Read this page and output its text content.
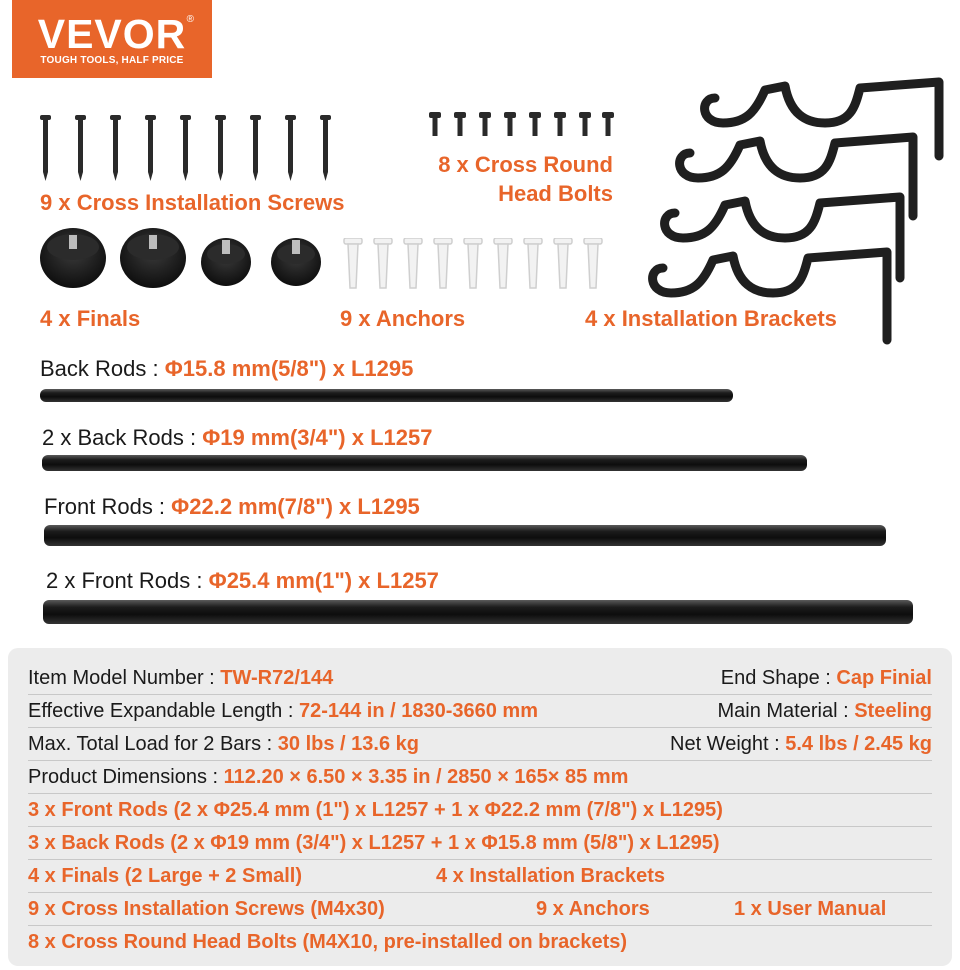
VEVOR ®
TOUGH TOOLS, HALF PRICE
9 x Cross Installation Screws
8 x Cross Round
Head Bolts
4 x Finals	9 x Anchors	4 x Installation Brackets
Back Rods : Φ15.8 mm(5/8") x L1295
2 x Back Rods : Φ19 mm(3/4") x L1257
Front Rods : Φ22.2 mm(7/8") x L1295
2 x Front Rods : Φ25.4 mm(1") x L1257
Item Model Number : TW-R72/144	End Shape : Cap Finial
Effective Expandable Length : 72-144 in / 1830-3660 mm	Main Material : Steeling
Max. Total Load for 2 Bars : 30 lbs / 13.6 kg	Net Weight : 5.4 lbs / 2.45 kg
Product Dimensions : 112.20 × 6.50 × 3.35 in / 2850 × 165× 85 mm
3 x Front Rods (2 x Φ25.4 mm (1") x L1257 + 1 x Φ22.2 mm (7/8") x L1295)
3 x Back Rods (2 x Φ19 mm (3/4") x L1257 + 1 x Φ15.8 mm (5/8") x L1295)
4 x Finals (2 Large + 2 Small)	4 x Installation Brackets
9 x Cross Installation Screws (M4x30)	9 x Anchors	1 x User Manual
8 x Cross Round Head Bolts (M4X10, pre-installed on brackets)
